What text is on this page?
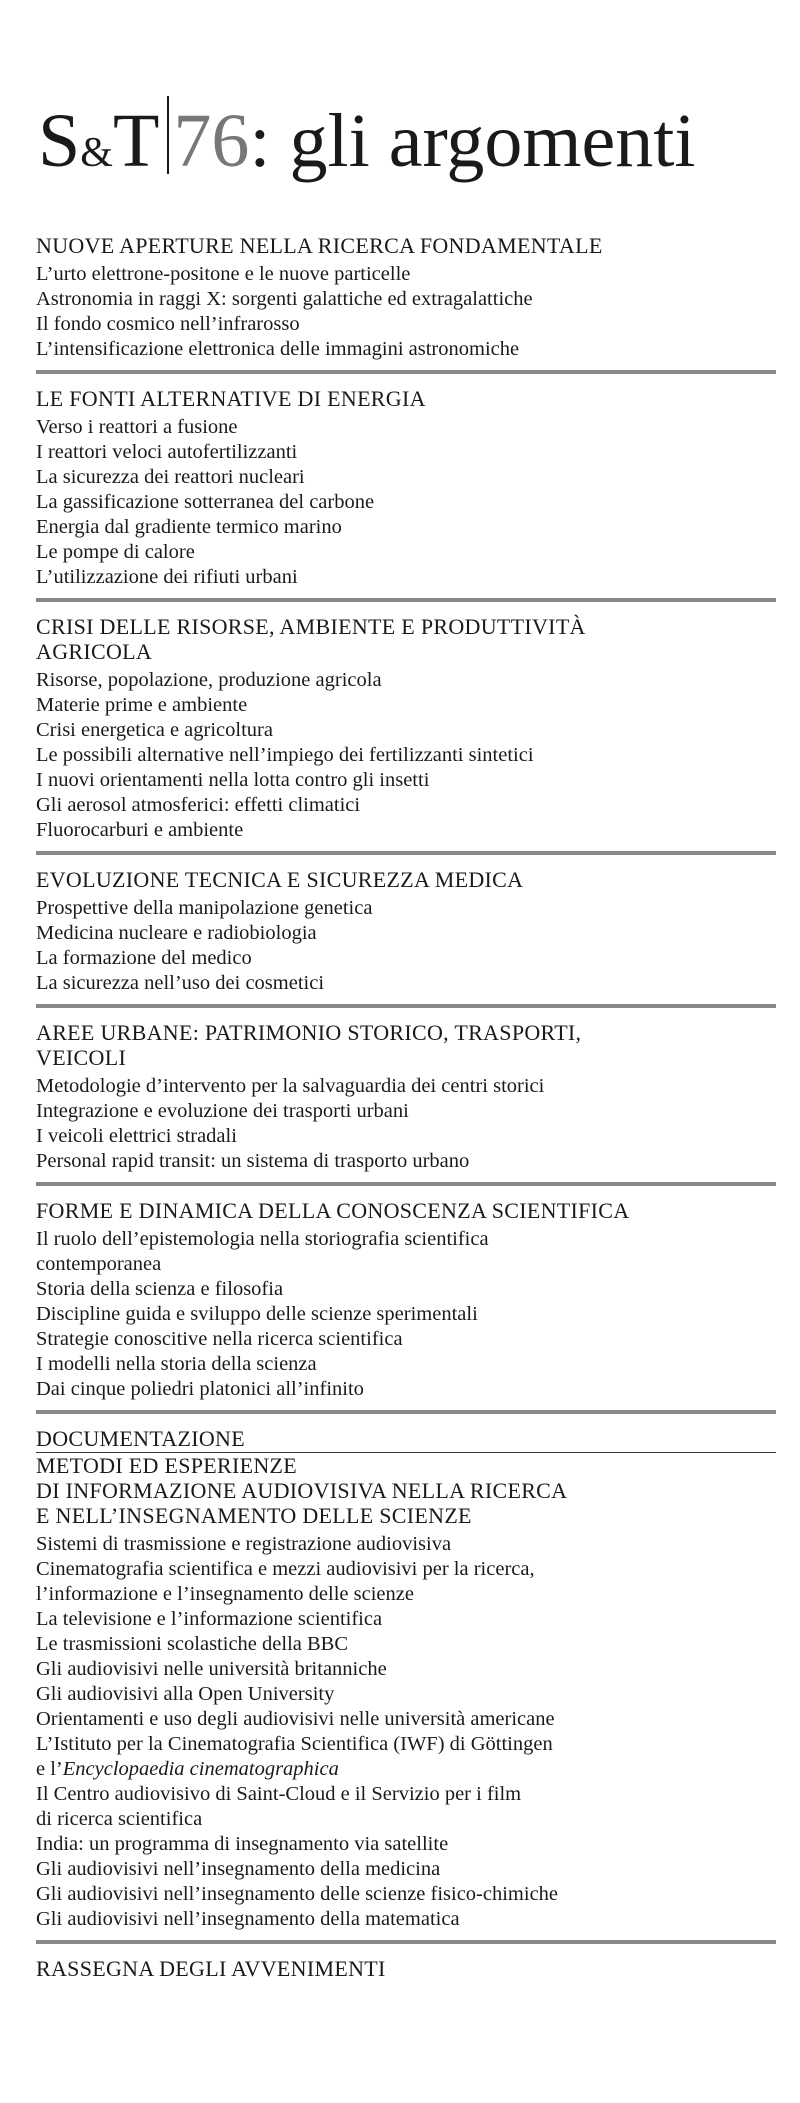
S&T 76: gli argomenti
NUOVE APERTURE NELLA RICERCA FONDAMENTALE
L’urto elettrone-positone e le nuove particelle
Astronomia in raggi X: sorgenti galattiche ed extragalattiche
Il fondo cosmico nell’infrarosso
L’intensificazione elettronica delle immagini astronomiche
LE FONTI ALTERNATIVE DI ENERGIA
Verso i reattori a fusione
I reattori veloci autofertilizzanti
La sicurezza dei reattori nucleari
La gassificazione sotterranea del carbone
Energia dal gradiente termico marino
Le pompe di calore
L’utilizzazione dei rifiuti urbani
CRISI DELLE RISORSE, AMBIENTE E PRODUTTIVITÀ
AGRICOLA
Risorse, popolazione, produzione agricola
Materie prime e ambiente
Crisi energetica e agricoltura
Le possibili alternative nell’impiego dei fertilizzanti sintetici
I nuovi orientamenti nella lotta contro gli insetti
Gli aerosol atmosferici: effetti climatici
Fluorocarburi e ambiente
EVOLUZIONE TECNICA E SICUREZZA MEDICA
Prospettive della manipolazione genetica
Medicina nucleare e radiobiologia
La formazione del medico
La sicurezza nell’uso dei cosmetici
AREE URBANE: PATRIMONIO STORICO, TRASPORTI,
VEICOLI
Metodologie d’intervento per la salvaguardia dei centri storici
Integrazione e evoluzione dei trasporti urbani
I veicoli elettrici stradali
Personal rapid transit: un sistema di trasporto urbano
FORME E DINAMICA DELLA CONOSCENZA SCIENTIFICA
Il ruolo dell’epistemologia nella storiografia scientifica
contemporanea
Storia della scienza e filosofia
Discipline guida e sviluppo delle scienze sperimentali
Strategie conoscitive nella ricerca scientifica
I modelli nella storia della scienza
Dai cinque poliedri platonici all’infinito
DOCUMENTAZIONE
METODI ED ESPERIENZE
DI INFORMAZIONE AUDIOVISIVA NELLA RICERCA
E NELL’INSEGNAMENTO DELLE SCIENZE
Sistemi di trasmissione e registrazione audiovisiva
Cinematografia scientifica e mezzi audiovisivi per la ricerca,
l’informazione e l’insegnamento delle scienze
La televisione e l’informazione scientifica
Le trasmissioni scolastiche della BBC
Gli audiovisivi nelle università britanniche
Gli audiovisivi alla Open University
Orientamenti e uso degli audiovisivi nelle università americane
L’Istituto per la Cinematografia Scientifica (IWF) di Göttingen
e l’Encyclopaedia cinematographica
Il Centro audiovisivo di Saint-Cloud e il Servizio per i film
di ricerca scientifica
India: un programma di insegnamento via satellite
Gli audiovisivi nell’insegnamento della medicina
Gli audiovisivi nell’insegnamento delle scienze fisico-chimiche
Gli audiovisivi nell’insegnamento della matematica
RASSEGNA DEGLI AVVENIMENTI
